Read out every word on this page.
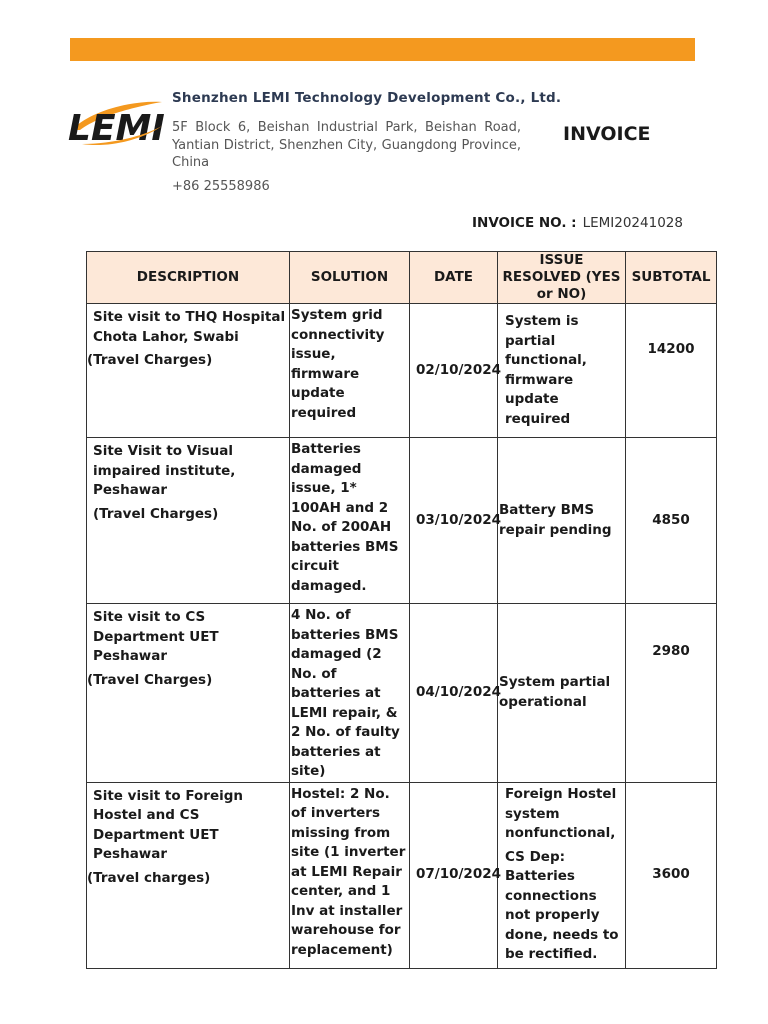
LEMI
Shenzhen LEMI Technology Development Co., Ltd.
5F Block 6, Beishan Industrial Park, Beishan Road, Yantian District, Shenzhen City, Guangdong Province, China
+86 25558986
INVOICE
INVOICE NO. : LEMI20241028
DESCRIPTION	SOLUTION	DATE	ISSUE RESOLVED (YES or NO)	SUBTOTAL
Site visit to THQ Hospital Chota Lahor, Swabi
(Travel Charges)	System grid connectivity issue, firmware update required	02/10/2024	System is partial functional, firmware update required	14200
Site Visit to Visual impaired institute, Peshawar
(Travel Charges)	Batteries damaged issue, 1* 100AH and 2 No. of 200AH batteries BMS circuit damaged.	03/10/2024	Battery BMS repair pending	4850
Site visit to CS Department UET Peshawar
(Travel Charges)	4 No. of batteries BMS damaged (2 No. of batteries at LEMI repair, & 2 No. of faulty batteries at site)	04/10/2024	System partial operational	2980
Site visit to Foreign Hostel and CS Department UET Peshawar
(Travel charges)	Hostel: 2 No. of inverters missing from site (1 inverter at LEMI Repair center, and 1 Inv at installer warehouse for replacement)	07/10/2024	Foreign Hostel system nonfunctional,
CS Dep: Batteries connections not properly done, needs to be rectified.	3600
